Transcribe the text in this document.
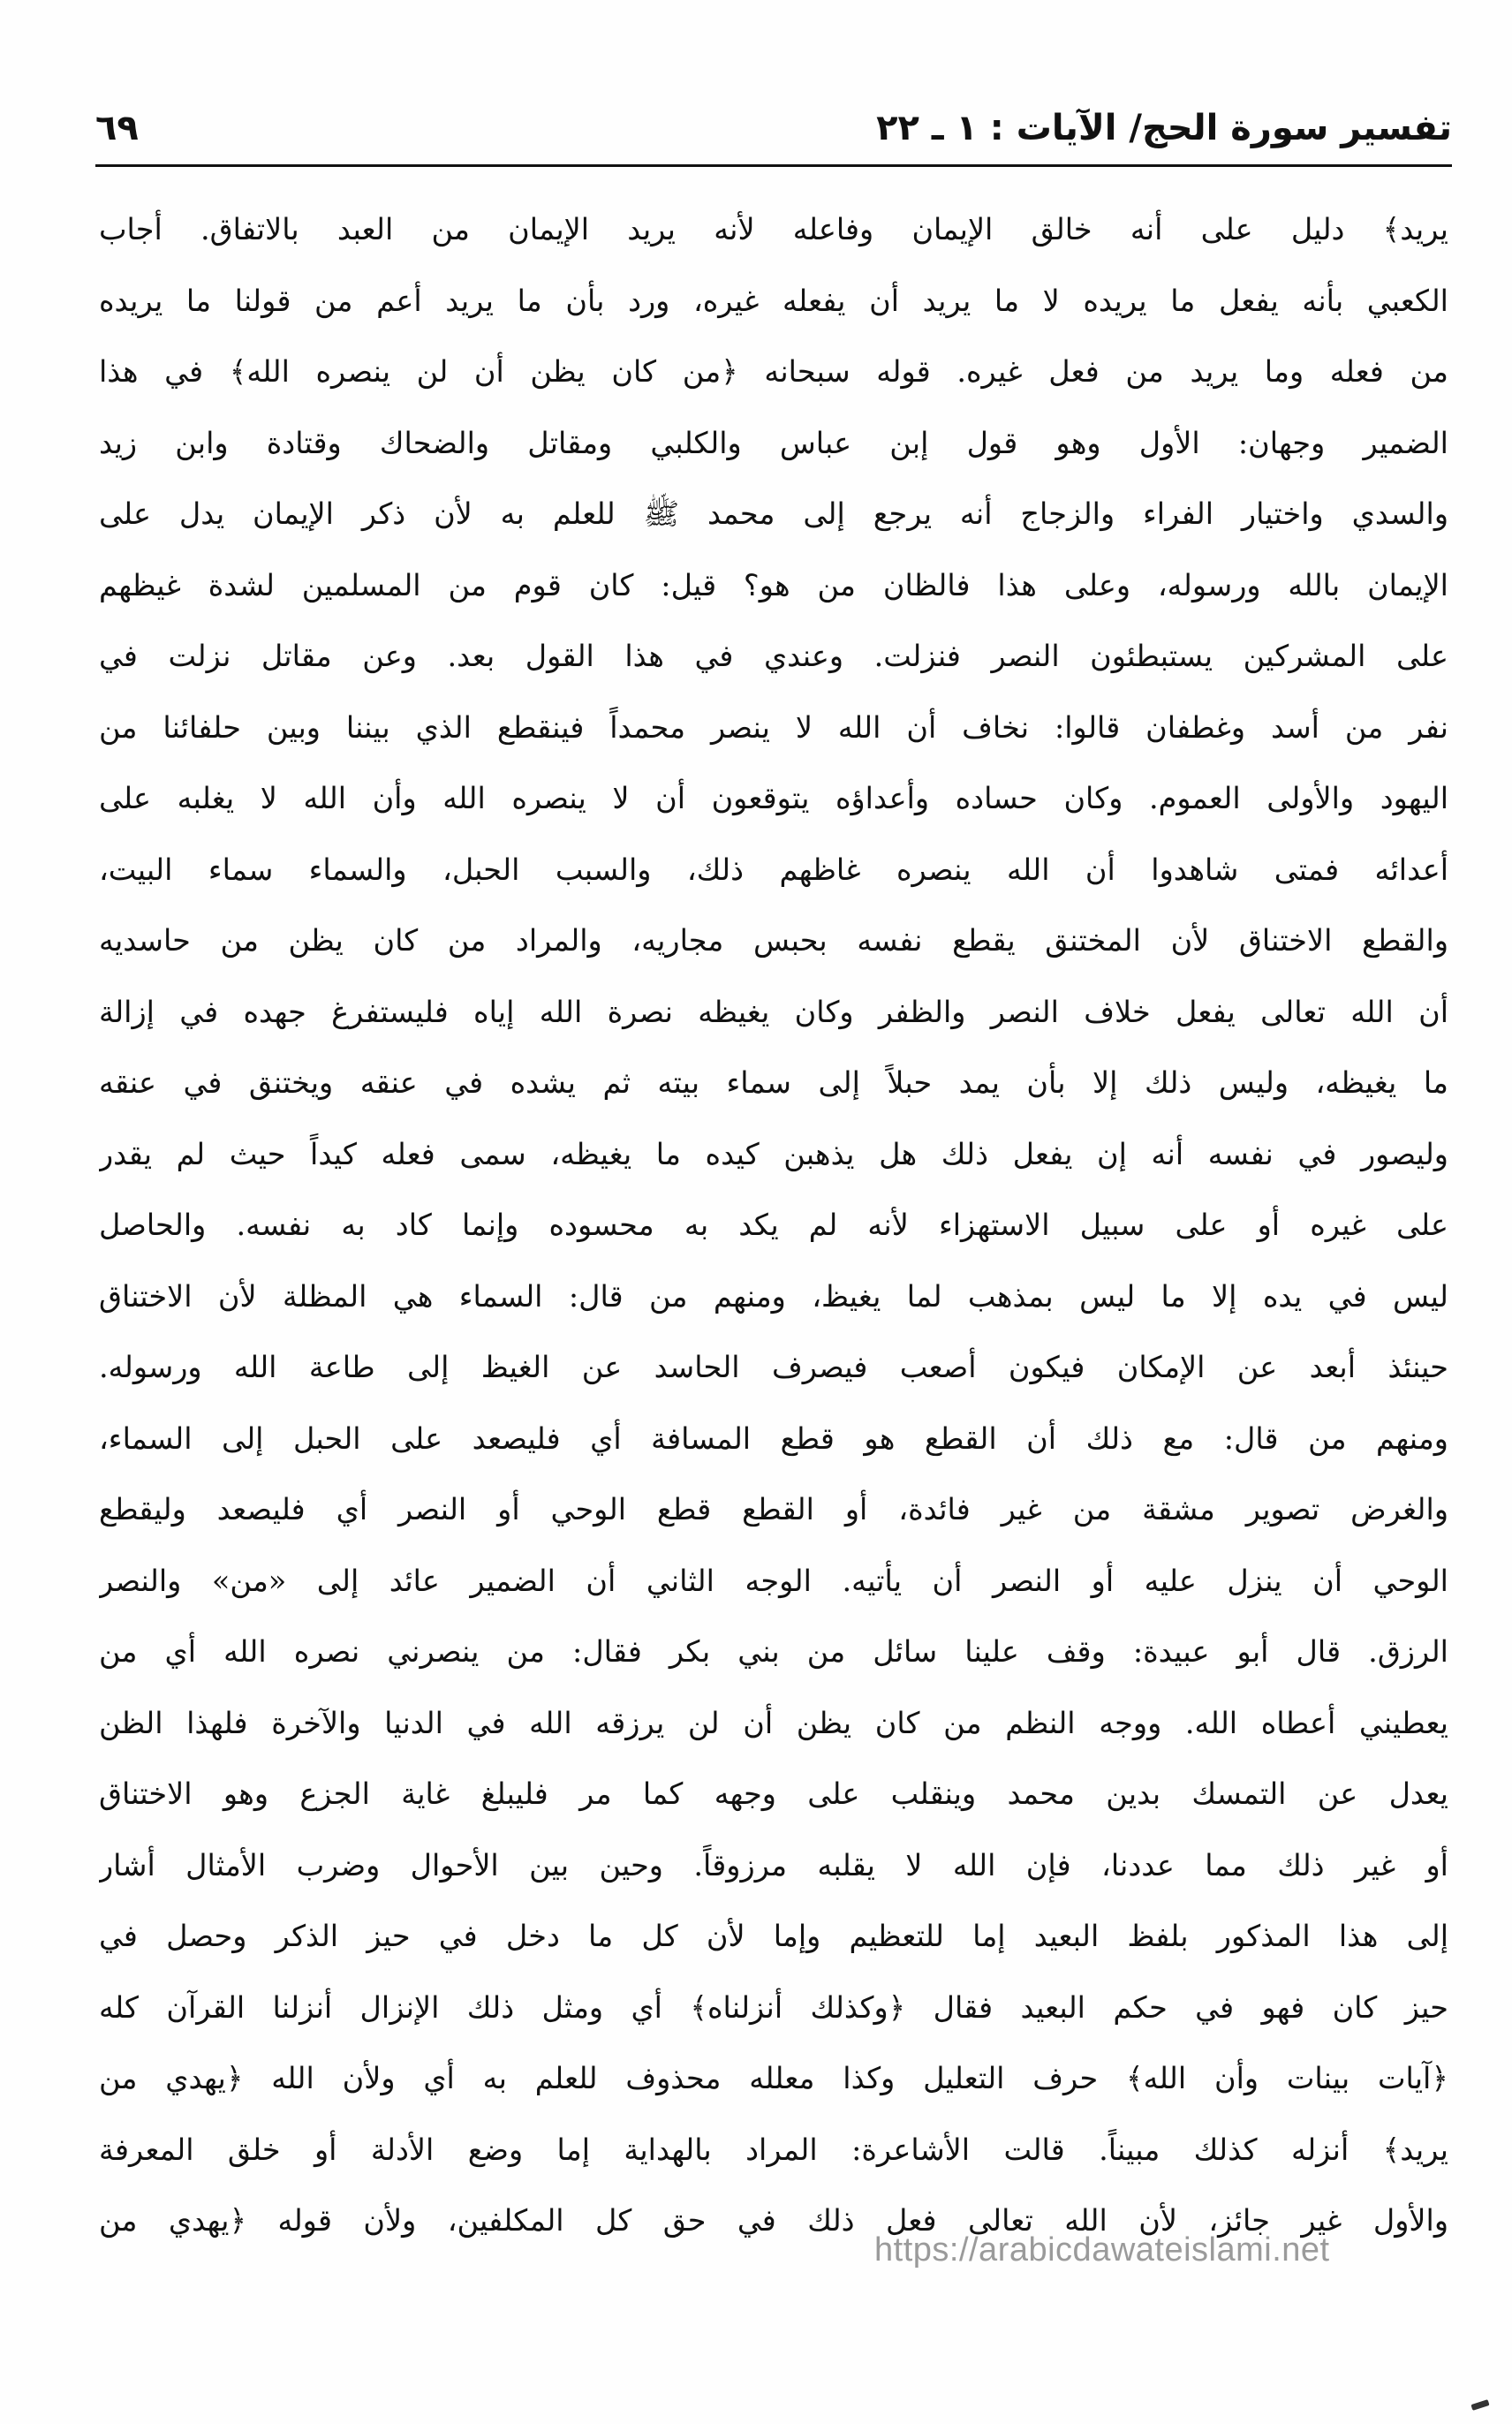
تفسير سورة الحج/ الآيات : ١ ـ ٢٢
٦٩
يريد﴾ دليل على أنه خالق الإيمان وفاعله لأنه يريد الإيمان من العبد بالاتفاق. أجاب
الكعبي بأنه يفعل ما يريده لا ما يريد أن يفعله غيره، ورد بأن ما يريد أعم من قولنا ما يريده
من فعله وما يريد من فعل غيره. قوله سبحانه ﴿من كان يظن أن لن ينصره الله﴾ في هذا
الضمير وجهان: الأول وهو قول إبن عباس والكلبي ومقاتل والضحاك وقتادة وابن زيد
والسدي واختيار الفراء والزجاج أنه يرجع إلى محمد ﷺ للعلم به لأن ذكر الإيمان يدل على
الإيمان بالله ورسوله، وعلى هذا فالظان من هو؟ قيل: كان قوم من المسلمين لشدة غيظهم
على المشركين يستبطئون النصر فنزلت. وعندي في هذا القول بعد. وعن مقاتل نزلت في
نفر من أسد وغطفان قالوا: نخاف أن الله لا ينصر محمداً فينقطع الذي بيننا وبين حلفائنا من
اليهود والأولى العموم. وكان حساده وأعداؤه يتوقعون أن لا ينصره الله وأن الله لا يغلبه على
أعدائه فمتى شاهدوا أن الله ينصره غاظهم ذلك، والسبب الحبل، والسماء سماء البيت،
والقطع الاختناق لأن المختنق يقطع نفسه بحبس مجاريه، والمراد من كان يظن من حاسديه
أن الله تعالى يفعل خلاف النصر والظفر وكان يغيظه نصرة الله إياه فليستفرغ جهده في إزالة
ما يغيظه، وليس ذلك إلا بأن يمد حبلاً إلى سماء بيته ثم يشده في عنقه ويختنق في عنقه
وليصور في نفسه أنه إن يفعل ذلك هل يذهبن كيده ما يغيظه، سمى فعله كيداً حيث لم يقدر
على غيره أو على سبيل الاستهزاء لأنه لم يكد به محسوده وإنما كاد به نفسه. والحاصل
ليس في يده إلا ما ليس بمذهب لما يغيظ، ومنهم من قال: السماء هي المظلة لأن الاختناق
حينئذ أبعد عن الإمكان فيكون أصعب فيصرف الحاسد عن الغيظ إلى طاعة الله ورسوله.
ومنهم من قال: مع ذلك أن القطع هو قطع المسافة أي فليصعد على الحبل إلى السماء،
والغرض تصوير مشقة من غير فائدة، أو القطع قطع الوحي أو النصر أي فليصعد وليقطع
الوحي أن ينزل عليه أو النصر أن يأتيه. الوجه الثاني أن الضمير عائد إلى «من» والنصر
الرزق. قال أبو عبيدة: وقف علينا سائل من بني بكر فقال: من ينصرني نصره الله أي من
يعطيني أعطاه الله. ووجه النظم من كان يظن أن لن يرزقه الله في الدنيا والآخرة فلهذا الظن
يعدل عن التمسك بدين محمد وينقلب على وجهه كما مر فليبلغ غاية الجزع وهو الاختناق
أو غير ذلك مما عددنا، فإن الله لا يقلبه مرزوقاً. وحين بين الأحوال وضرب الأمثال أشار
إلى هذا المذكور بلفظ البعيد إما للتعظيم وإما لأن كل ما دخل في حيز الذكر وحصل في
حيز كان فهو في حكم البعيد فقال ﴿وكذلك أنزلناه﴾ أي ومثل ذلك الإنزال أنزلنا القرآن كله
﴿آيات بينات وأن الله﴾ حرف التعليل وكذا معلله محذوف للعلم به أي ولأن الله ﴿يهدي من
يريد﴾ أنزله كذلك مبيناً. قالت الأشاعرة: المراد بالهداية إما وضع الأدلة أو خلق المعرفة
والأول غير جائز، لأن الله تعالى فعل ذلك في حق كل المكلفين، ولأن قوله ﴿يهدي من
https://arabicdawateislami.net
